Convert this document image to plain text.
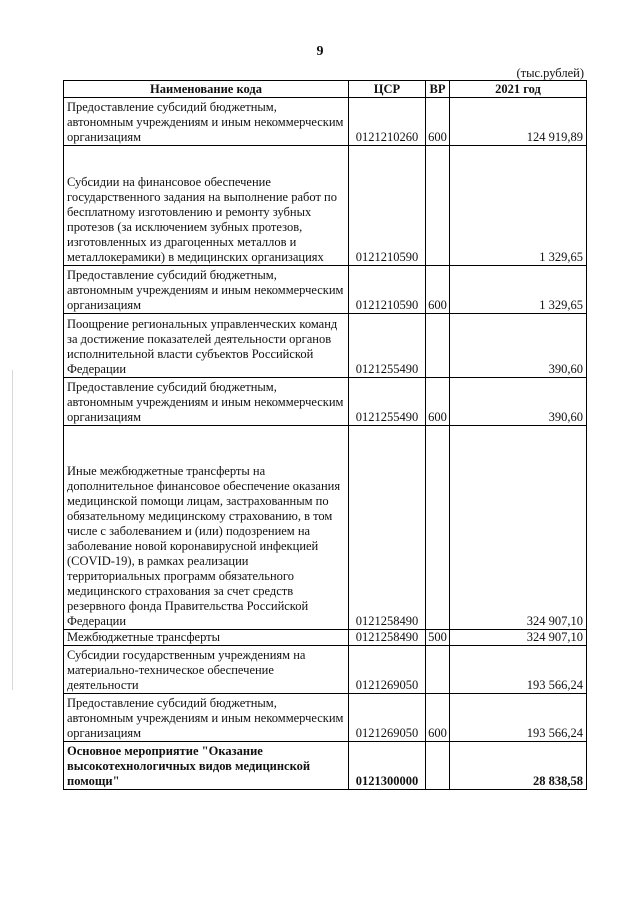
9
(тыс.рублей)
Наименование кода	ЦСР	ВР	2021 год
Предоставление субсидий бюджетным, автономным учреждениям и иным некоммерческим организациям	0121210260	600	124 919,89
Субсидии на финансовое обеспечение государственного задания на выполнение работ по бесплатному изготовлению и ремонту зубных протезов (за исключением зубных протезов, изготовленных из драгоценных металлов и металлокерамики) в медицинских организациях	0121210590		1 329,65
Предоставление субсидий бюджетным, автономным учреждениям и иным некоммерческим организациям	0121210590	600	1 329,65
Поощрение региональных управленческих команд за достижение показателей деятельности органов исполнительной власти субъектов Российской Федерации	0121255490		390,60
Предоставление субсидий бюджетным, автономным учреждениям и иным некоммерческим организациям	0121255490	600	390,60
Иные межбюджетные трансферты на дополнительное финансовое обеспечение оказания медицинской помощи лицам, застрахованным по обязательному медицинскому страхованию, в том числе с заболеванием и (или) подозрением на заболевание новой коронавирусной инфекцией (COVID-19), в рамках реализации территориальных программ обязательного медицинского страхования за счет средств резервного фонда Правительства Российской Федерации	0121258490		324 907,10
Межбюджетные трансферты	0121258490	500	324 907,10
Субсидии государственным учреждениям на материально-техническое обеспечение деятельности	0121269050		193 566,24
Предоставление субсидий бюджетным, автономным учреждениям и иным некоммерческим организациям	0121269050	600	193 566,24
Основное мероприятие "Оказание высокотехнологичных видов медицинской помощи"	0121300000		28 838,58
